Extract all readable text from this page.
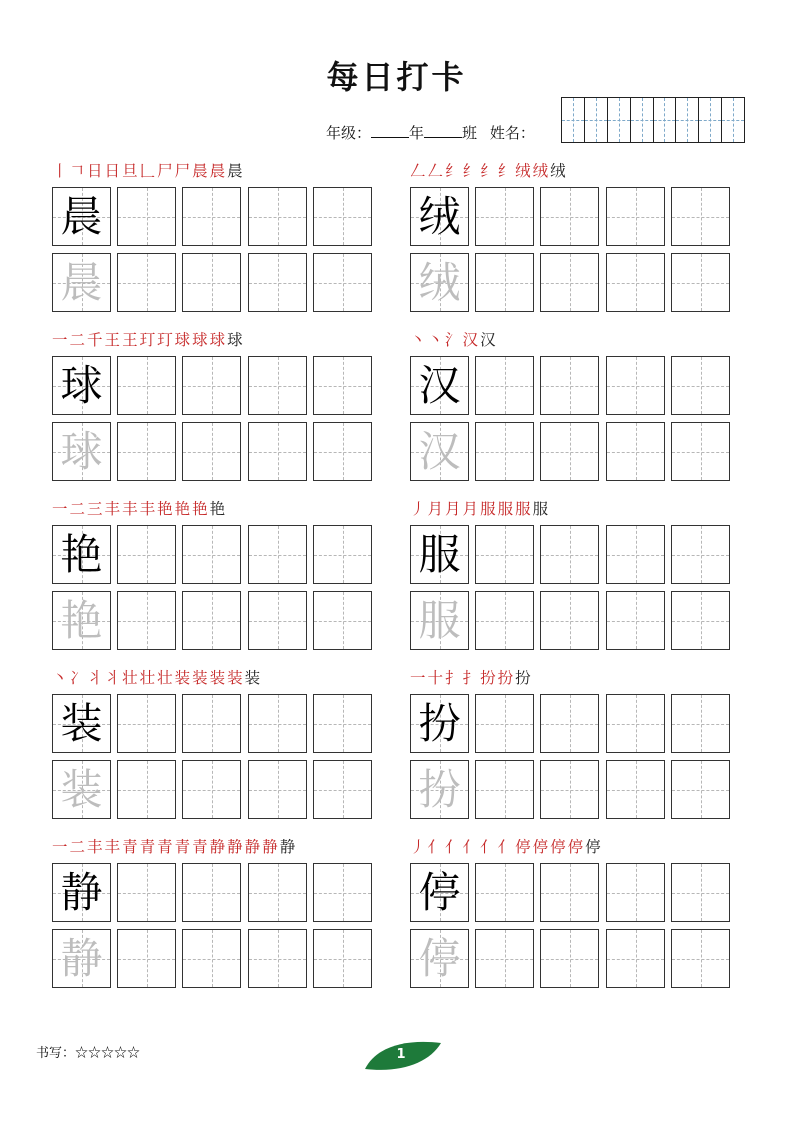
每日打卡
年级：	年	班 姓名：
丨 𠃍 日 日 旦 𠃊 尸 尸 晨 晨 晨
晨
晨
𠃋 𠃋 纟 纟 纟 纟 绒 绒 绒
绒
绒
一 二 千 王 王 玎 玎 球 球 球 球
球
球
丶 丶 氵 汉 汉
汉
汉
一 二 三 丰 丰 丰 艳 艳 艳 艳
艳
艳
丿 月 月 月 服 服 服 服
服
服
丶 冫 丬 丬 壮 壮 壮 装 装 装 装 装
装
装
一 十 扌 扌 扮 扮 扮
扮
扮
一 二 丰 丰 青 青 青 青 青 静 静 静 静 静
静
静
丿 亻 亻 亻 亻 亻 停 停 停 停 停
停
停
书写：☆☆☆☆☆	1
